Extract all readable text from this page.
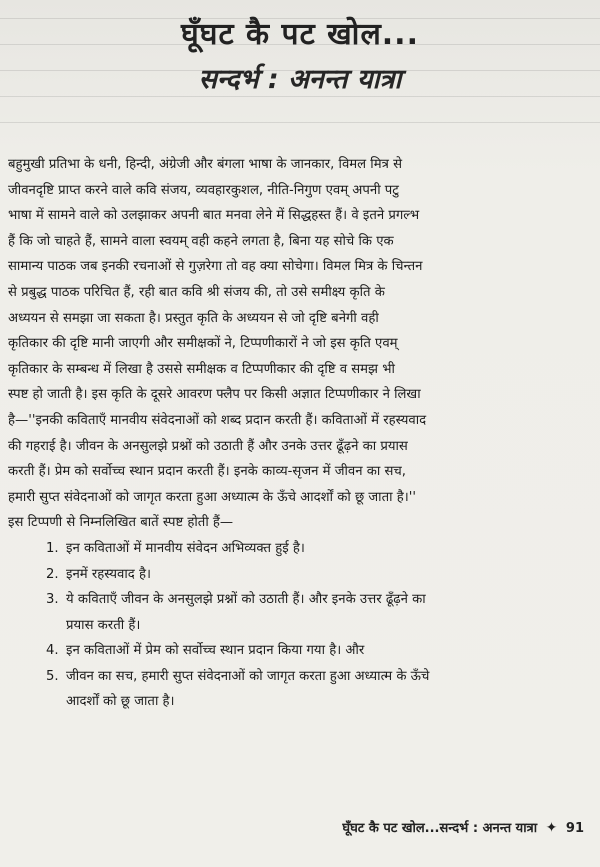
घूँघट कै पट खोल...
सन्दर्भ : अनन्त यात्रा
बहुमुखी प्रतिभा के धनी, हिन्दी, अंग्रेजी और बंगला भाषा के जानकार, विमल मित्र से
जीवनदृष्टि प्राप्त करने वाले कवि संजय, व्यवहारकुशल, नीति-निगुण एवम् अपनी पटु
भाषा में सामने वाले को उलझाकर अपनी बात मनवा लेने में सिद्धहस्त हैं। वे इतने प्रगल्भ
हैं कि जो चाहते हैं, सामने वाला स्वयम् वही कहने लगता है, बिना यह सोचे कि एक
सामान्य पाठक जब इनकी रचनाओं से गुज़रेगा तो वह क्या सोचेगा। विमल मित्र के चिन्तन
से प्रबुद्ध पाठक परिचित हैं, रही बात कवि श्री संजय की, तो उसे समीक्ष्य कृति के
अध्ययन से समझा जा सकता है। प्रस्तुत कृति के अध्ययन से जो दृष्टि बनेगी वही
कृतिकार की दृष्टि मानी जाएगी और समीक्षकों ने, टिप्पणीकारों ने जो इस कृति एवम्
कृतिकार के सम्बन्ध में लिखा है उससे समीक्षक व टिप्पणीकार की दृष्टि व समझ भी
स्पष्ट हो जाती है। इस कृति के दूसरे आवरण फ्लैप पर किसी अज्ञात टिप्पणीकार ने लिखा
है—''इनकी कविताएँ मानवीय संवेदनाओं को शब्द प्रदान करती हैं। कविताओं में रहस्यवाद
की गहराई है। जीवन के अनसुलझे प्रश्नों को उठाती हैं और उनके उत्तर ढूँढ़ने का प्रयास
करती हैं। प्रेम को सर्वोच्च स्थान प्रदान करती हैं। इनके काव्य-सृजन में जीवन का सच,
हमारी सुप्त संवेदनाओं को जागृत करता हुआ अध्यात्म के ऊँचे आदर्शों को छू जाता है।''
इस टिप्पणी से निम्नलिखित बातें स्पष्ट होती हैं—
1. इन कविताओं में मानवीय संवेदन अभिव्यक्त हुई है।
2. इनमें रहस्यवाद है।
3. ये कविताएँ जीवन के अनसुलझे प्रश्नों को उठाती हैं। और इनके उत्तर ढूँढ़ने का
प्रयास करती हैं।
4. इन कविताओं में प्रेम को सर्वोच्च स्थान प्रदान किया गया है। और
5. जीवन का सच, हमारी सुप्त संवेदनाओं को जागृत करता हुआ अध्यात्म के ऊँचे
आदर्शों को छू जाता है।
घूँघट कै पट खोल...सन्दर्भ : अनन्त यात्रा ✦ 91
